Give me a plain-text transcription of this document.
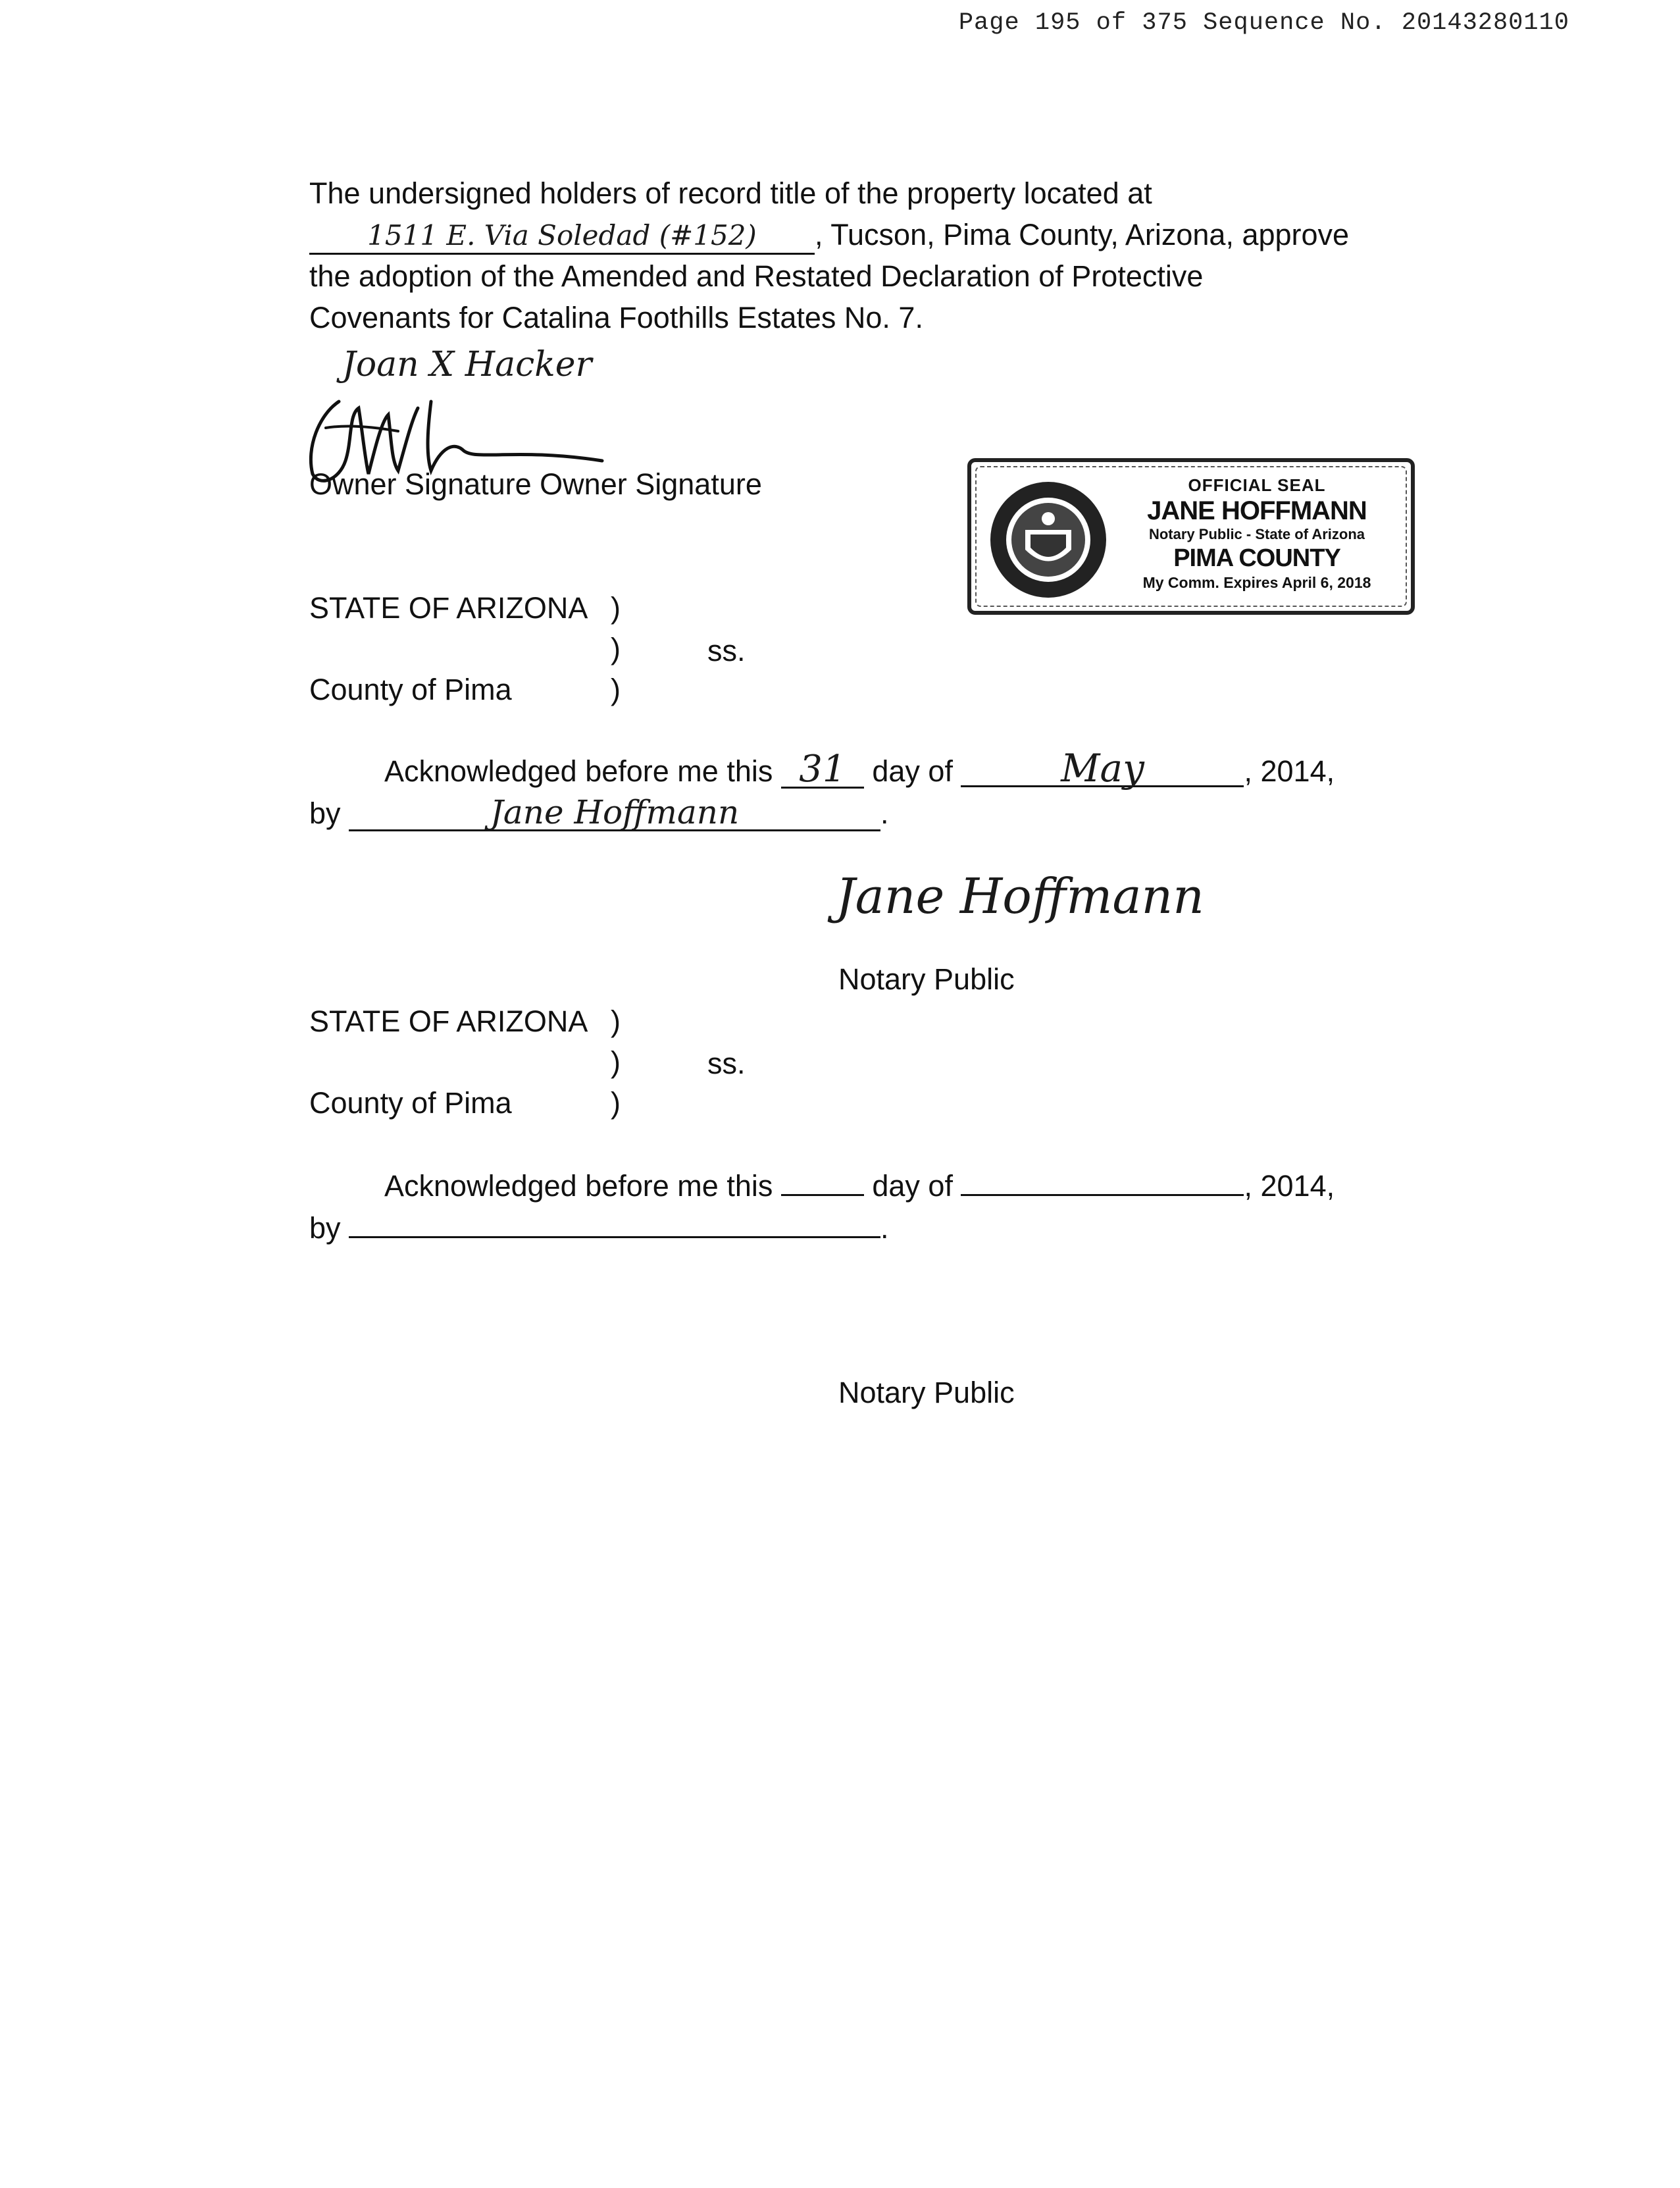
Page 195 of 375 Sequence No. 20143280110
The undersigned holders of record title of the property located at
1511 E. Via Soledad (#152) , Tucson, Pima County, Arizona, approve
the adoption of the Amended and Restated Declaration of Protective
Covenants for Catalina Foothills Estates No. 7.
Joan X Hacker
Owner Signature Owner Signature	OFFICIAL SEAL
JANE HOFFMANN
Notary Public - State of Arizona
PIMA COUNTY
My Comm. Expires April 6, 2018
STATE OF ARIZONA )
)	ss.
County of Pima	)
Acknowledged before me this 31 day of	May	, 2014,
by	Jane Hoffmann	.
Jane Hoffmann
Notary Public
STATE OF ARIZONA )
)	ss.
County of Pima	)
Acknowledged before me this	day of	, 2014,
by	.
Notary Public
